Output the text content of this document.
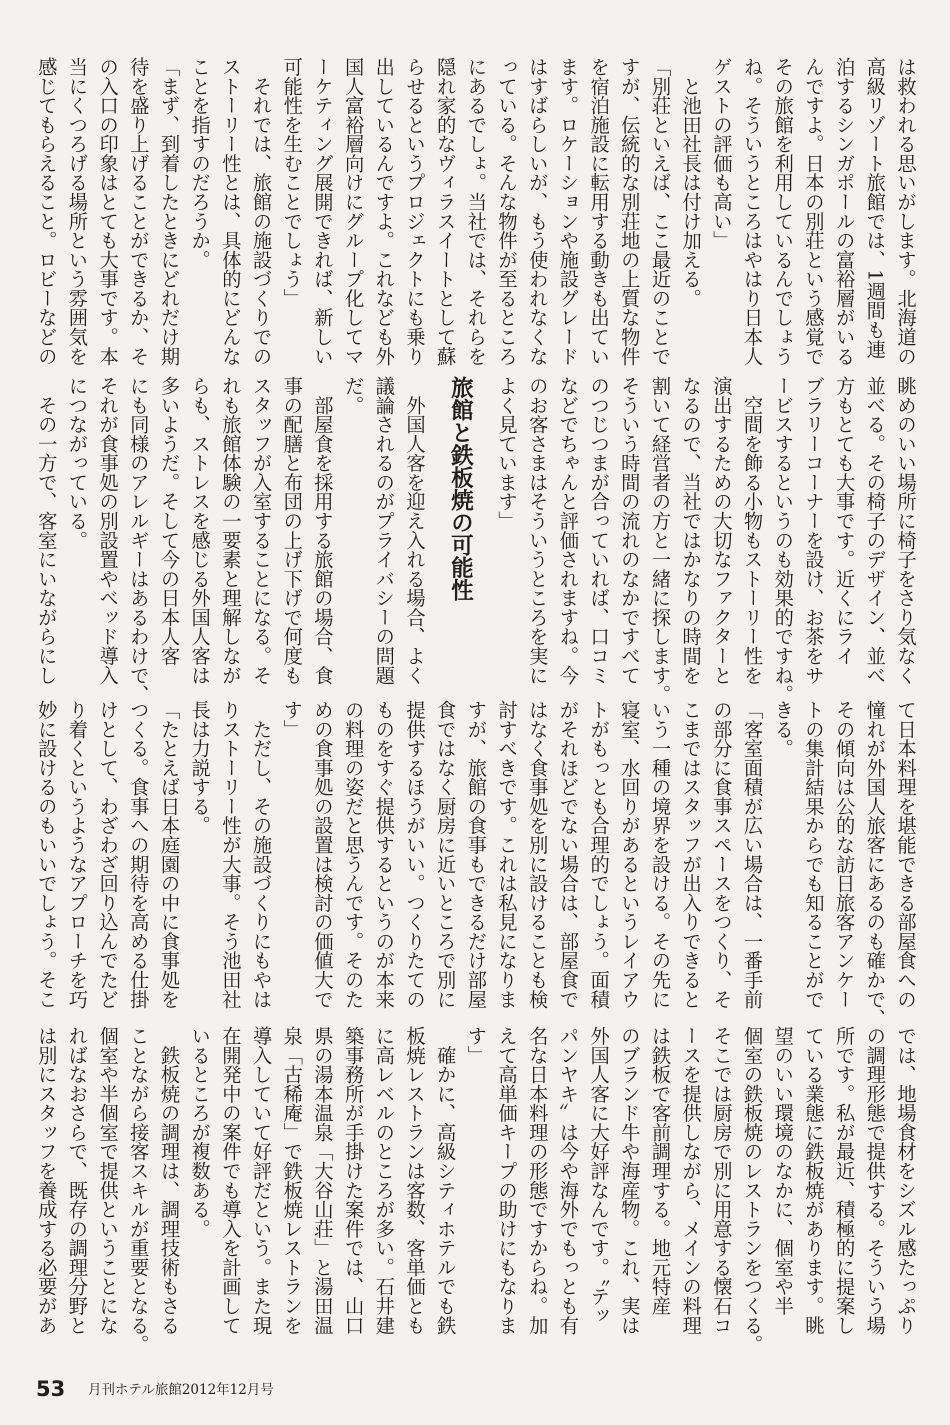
は救われる思いがします。北海道の
高級リゾート旅館では、1週間も連
泊するシンガポールの富裕層がいる
んですよ。日本の別荘という感覚で
その旅館を利用しているんでしょう
ね。そういうところはやはり日本人
ゲストの評価も高い」
　と池田社長は付け加える。
「別荘といえば、ここ最近のことで
すが、伝統的な別荘地の上質な物件
を宿泊施設に転用する動きも出てい
ます。ロケーションや施設グレード
はすばらしいが、もう使われなくな
っている。そんな物件が至るところ
にあるでしょ。当社では、それらを
隠れ家的なヴィラスイートとして蘇
らせるというプロジェクトにも乗り
出しているんですよ。これなども外
国人富裕層向けにグループ化してマ
ーケティング展開できれば、新しい
可能性を生むことでしょう」
　それでは、旅館の施設づくりでの
ストーリー性とは、具体的にどんな
ことを指すのだろうか。
「まず、到着したときにどれだけ期
待を盛り上げることができるか、そ
の入口の印象はとても大事です。本
当にくつろげる場所という雰囲気を
感じてもらえること。ロビーなどの
眺めのいい場所に椅子をさり気なく
並べる。その椅子のデザイン、並べ
方もとても大事です。近くにライ
ブラリーコーナーを設け、お茶をサ
ービスするというのも効果的ですね。
　空間を飾る小物もストーリー性を
演出するための大切なファクターと
なるので、当社ではかなりの時間を
割いて経営者の方と一緒に探します。
そういう時間の流れのなかですべて
のつじつまが合っていれば、口コミ
などでちゃんと評価されますね。今
のお客さまはそういうところを実に
よく見ています」
旅館と鉄板焼の可能性
　外国人客を迎え入れる場合、よく
議論されるのがプライバシーの問題
だ。
　部屋食を採用する旅館の場合、食
事の配膳と布団の上げ下げで何度も
スタッフが入室することになる。そ
れも旅館体験の一要素と理解しなが
らも、ストレスを感じる外国人客は
多いようだ。そして今の日本人客
にも同様のアレルギーはあるわけで、
それが食事処の別設置やベッド導入
につながっている。
　その一方で、客室にいながらにし
て日本料理を堪能できる部屋食への
憧れが外国人旅客にあるのも確かで、
その傾向は公的な訪日旅客アンケー
トの集計結果からでも知ることがで
きる。
「客室面積が広い場合は、一番手前
の部分に食事スペースをつくり、そ
こまではスタッフが出入りできると
いう一種の境界を設ける。その先に
寝室、水回りがあるというレイアウ
トがもっとも合理的でしょう。面積
がそれほどでない場合は、部屋食で
はなく食事処を別に設けることも検
討すべきです。これは私見になりま
すが、旅館の食事もできるだけ部屋
食ではなく厨房に近いところで別に
提供するほうがいい。つくりたての
ものをすぐ提供するというのが本来
の料理の姿だと思うんです。そのた
めの食事処の設置は検討の価値大で
す」
　ただし、その施設づくりにもやは
りストーリー性が大事。そう池田社
長は力説する。
「たとえば日本庭園の中に食事処を
つくる。食事への期待を高める仕掛
けとして、わざわざ回り込んでたど
り着くというようなアプローチを巧
妙に設けるのもいいでしょう。そこ
では、地場食材をシズル感たっぷり
の調理形態で提供する。そういう場
所です。私が最近、積極的に提案し
ている業態に鉄板焼があります。眺
望のいい環境のなかに、個室や半
個室の鉄板焼のレストランをつくる。
そこでは厨房で別に用意する懐石コ
ースを提供しながら、メインの料理
は鉄板で客前調理する。地元特産
のブランド牛や海産物。これ、実は
外国人客に大好評なんです。〝テッ
パンヤキ〟は今や海外でもっとも有
名な日本料理の形態ですからね。加
えて高単価キープの助けにもなりま
す」
　確かに、高級シティホテルでも鉄
板焼レストランは客数、客単価とも
に高レベルのところが多い。石井建
築事務所が手掛けた案件では、山口
県の湯本温泉「大谷山荘」と湯田温
泉「古稀庵」で鉄板焼レストランを
導入していて好評だという。また現
在開発中の案件でも導入を計画して
いるところが複数ある。
　鉄板焼の調理は、調理技術もさる
ことながら接客スキルが重要となる。
個室や半個室で提供ということにな
ればなおさらで、既存の調理分野と
は別にスタッフを養成する必要があ
53 月刊ホテル旅館2012年12月号
